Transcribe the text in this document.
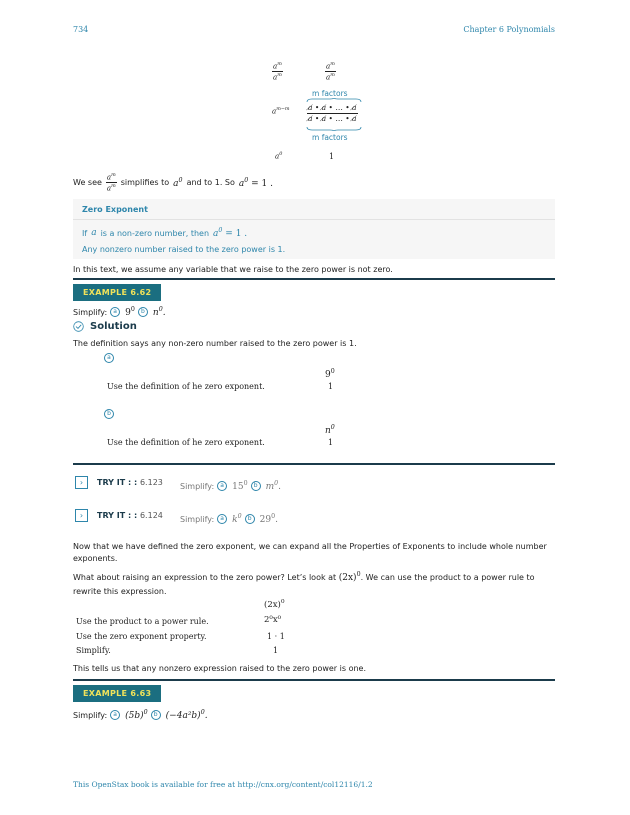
734	Chapter 6 Polynomials
$\frac{a^m}{a^m}$	$\frac{a^m}{a^m}$
m factors
$a^{m-m} \frac{a̸ • a̸ • \dots • a̸}{a̸ • a̸ • \dots • a̸}$
m factors
$a^0$	1
We see $\frac{a^m}{a^m}$ simplifies to $a^0$ and to 1. So $a^0 = 1$ .
Zero Exponent
If a is a non-zero number, then $a^0 = 1$ .
Any nonzero number raised to the zero power is 1.
In this text, we assume any variable that we raise to the zero power is not zero.
EXAMPLE 6.62
Simplify:	a $9^0$	b $n^0$.
Solution
The definition says any non-zero number raised to the zero power is 1.
a
$9^0$
Use the definition of he zero exponent.	1
b
$n^0$
Use the definition of he zero exponent.	1
›	TRY IT : : 6.123 Simplify:	a $15^0$	b $m^0$.
›	TRY IT : : 6.124 Simplify:	a $k^0$	b $29^0$.
Now that we have defined the zero exponent, we can expand all the Properties of Exponents to include whole number exponents.
What about raising an expression to the zero power? Let’s look at $(2x)^0$. We can use the product to a power rule to
rewrite this expression.
$(2x)^0$
Use the product to a power rule.	2⁰x⁰
Use the zero exponent property.	1 · 1
Simplify.	1
This tells us that any nonzero expression raised to the zero power is one.
EXAMPLE 6.63
Simplify:	a $(5b)^0$	b $(-4a^2b)^0$.
This OpenStax book is available for free at http://cnx.org/content/col12116/1.2
